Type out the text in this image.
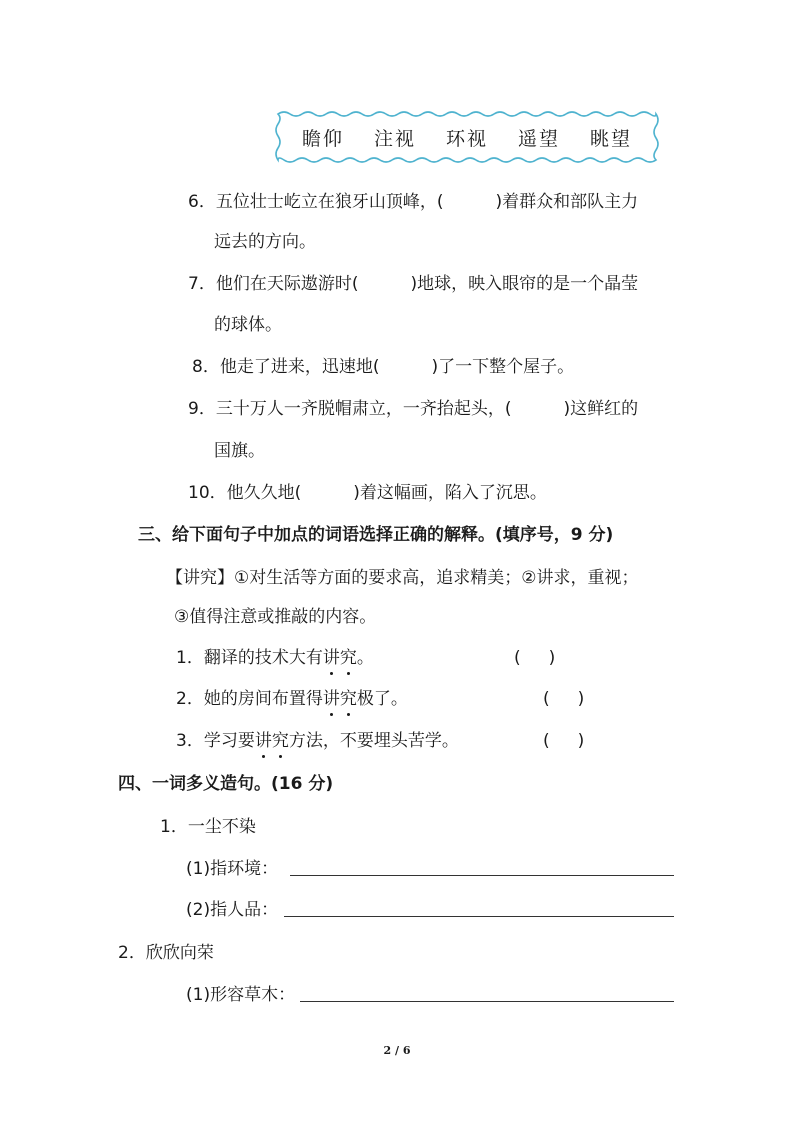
瞻仰 注视 环视 遥望 眺望
6．五位壮士屹立在狼牙山顶峰，(	)着群众和部队主力
远去的方向。
7．他们在天际遨游时(	)地球，映入眼帘的是一个晶莹
的球体。
8．他走了进来，迅速地(	)了一下整个屋子。
9．三十万人一齐脱帽肃立，一齐抬起头，(	)这鲜红的
国旗。
10．他久久地(	)着这幅画，陷入了沉思。
三、给下面句子中加点的词语选择正确的解释。(填序号，9 分)
【讲究】①对生活等方面的要求高，追求精美；②讲求，重视；
③值得注意或推敲的内容。
1．翻译的技术大有讲究。	( )
2．她的房间布置得讲究极了。	( )
3．学习要讲究方法，不要埋头苦学。	( )
四、一词多义造句。(16 分)
1．一尘不染
(1)指环境：
(2)指人品：
2．欣欣向荣
(1)形容草木：
2 / 6
